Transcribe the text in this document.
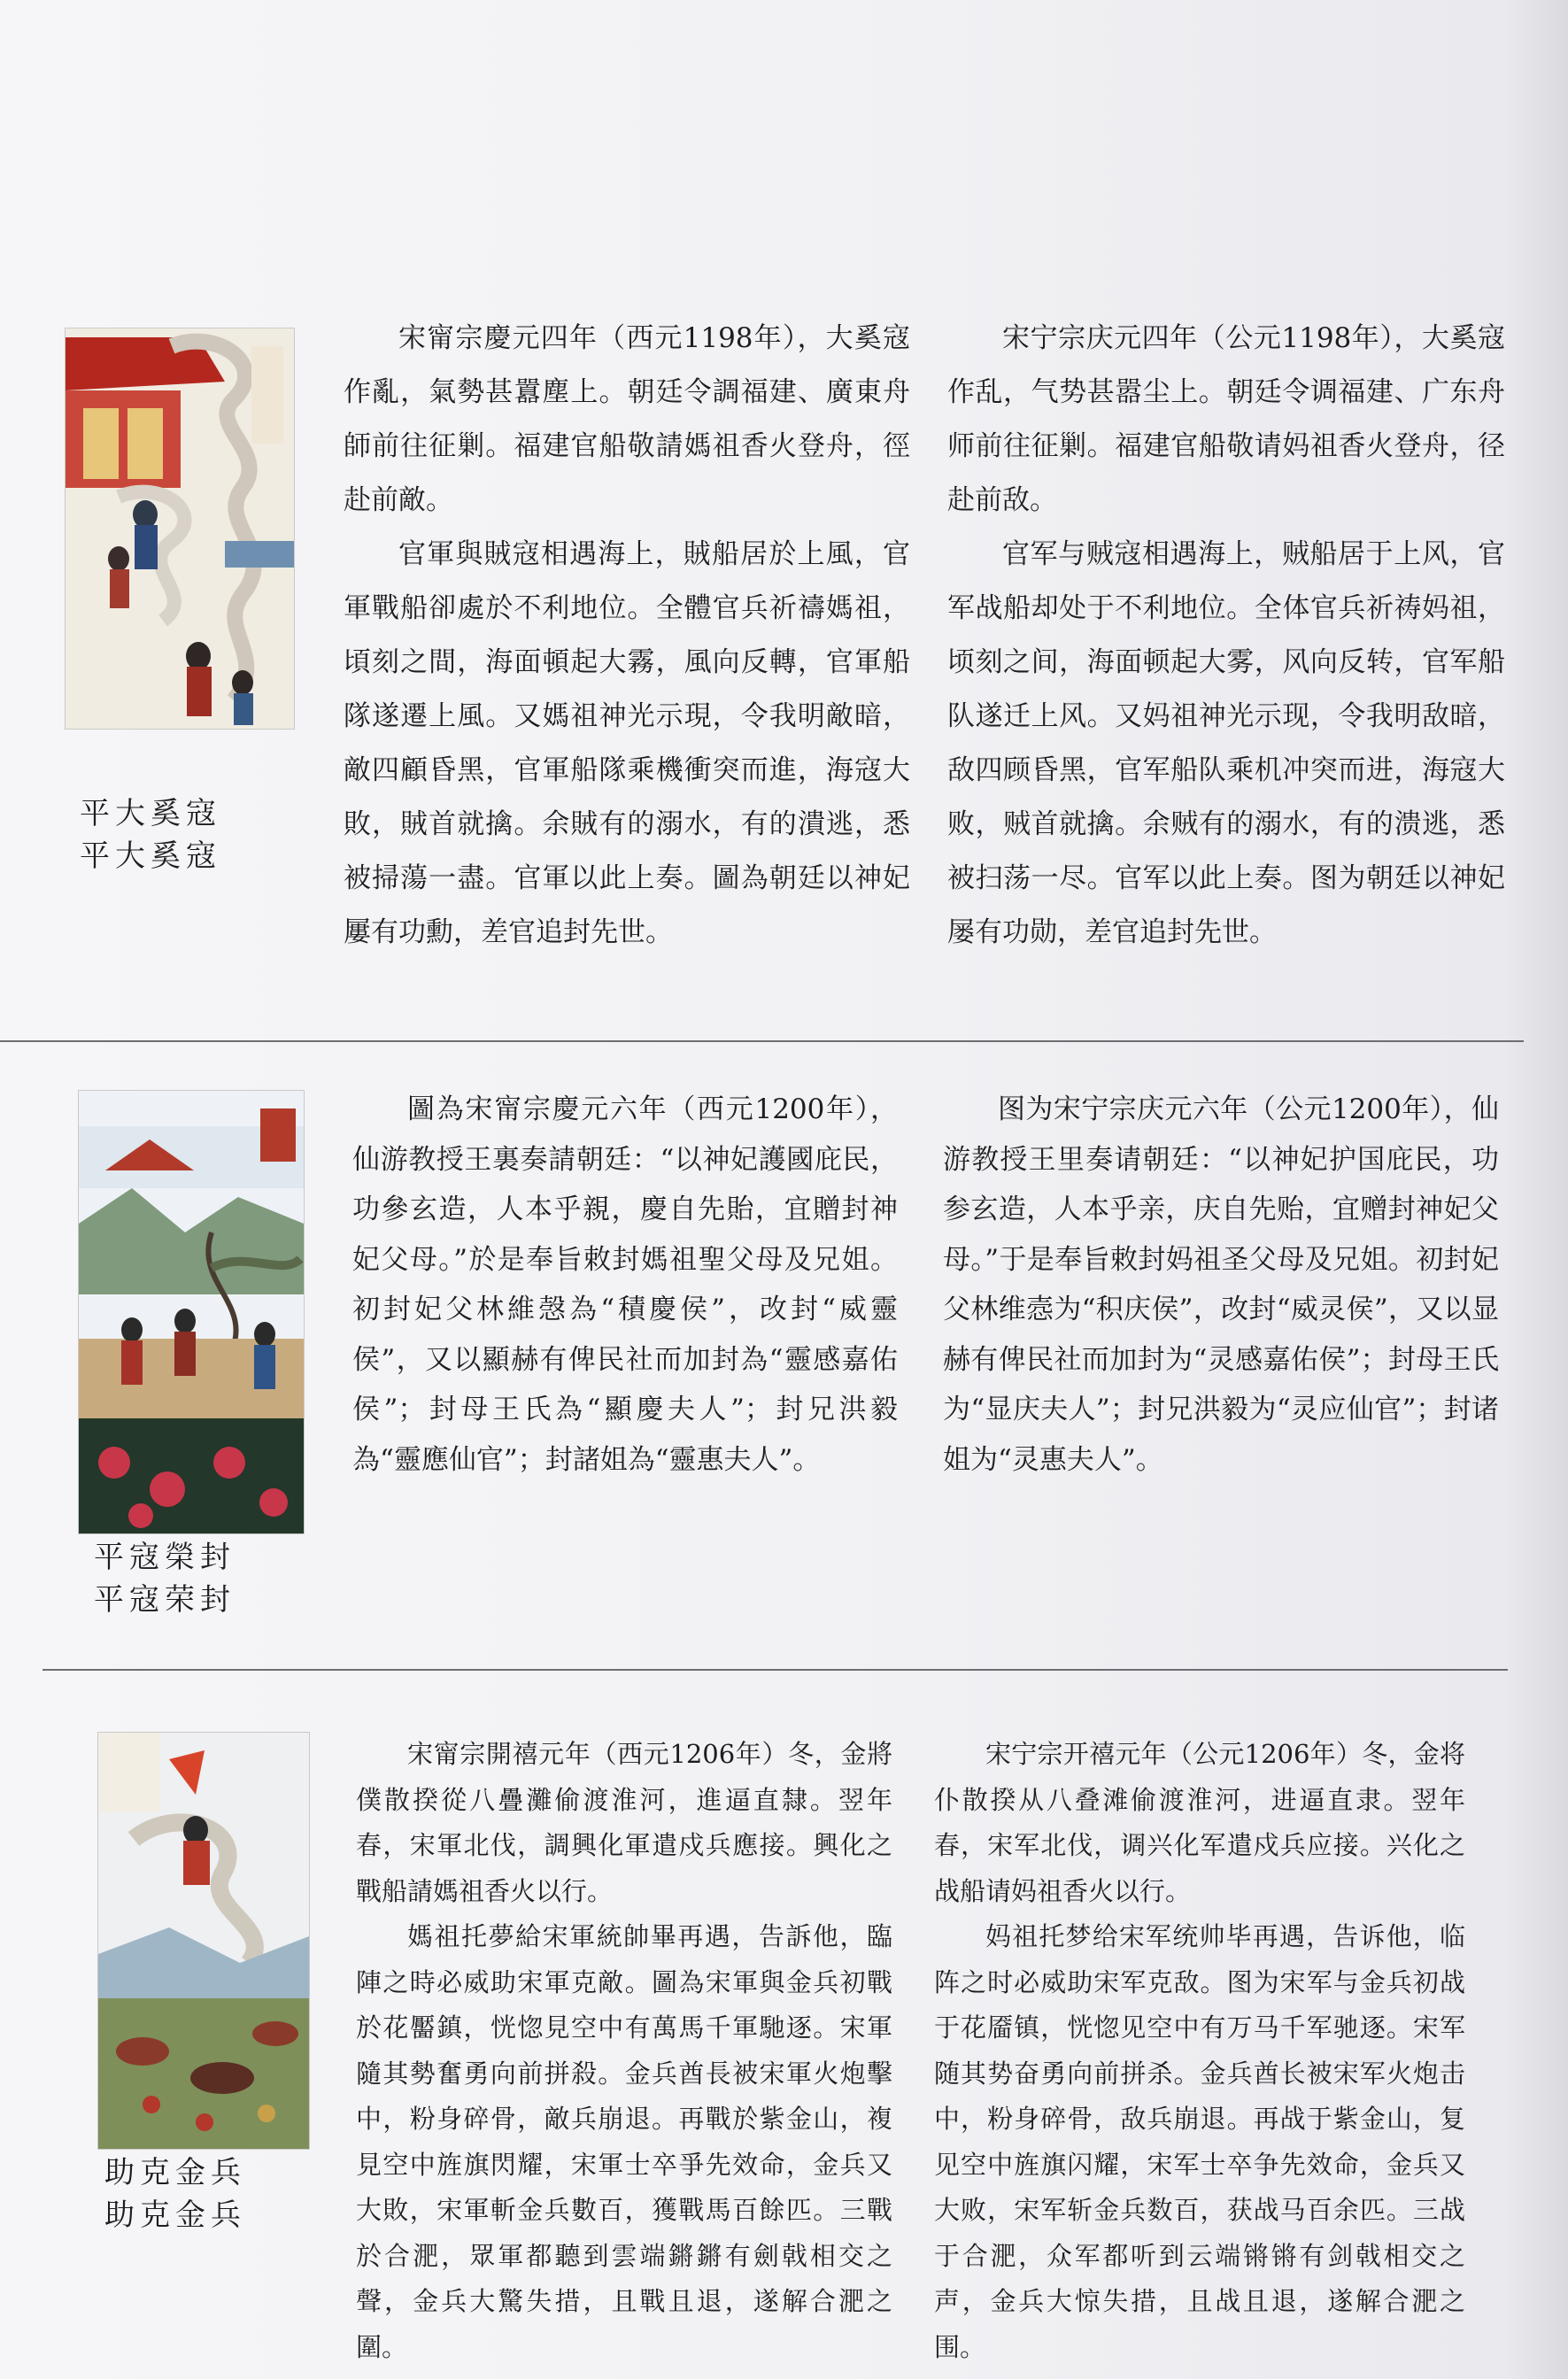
平大奚寇
平大奚寇

宋甯宗慶元四年（西元1198年），大奚寇作亂，氣勢甚囂塵上。朝廷令調福建、廣東舟師前往征剿。福建官船敬請媽祖香火登舟，徑赴前敵。

官軍與賊寇相遇海上，賊船居於上風，官軍戰船卻處於不利地位。全體官兵祈禱媽祖，頃刻之間，海面頓起大霧，風向反轉，官軍船隊遂遷上風。又媽祖神光示現，令我明敵暗，敵四顧昏黑，官軍船隊乘機衝突而進，海寇大敗，賊首就擒。余賊有的溺水，有的潰逃，悉被掃蕩一盡。官軍以此上奏。圖為朝廷以神妃屢有功勳，差官追封先世。

宋宁宗庆元四年（公元1198年），大奚寇作乱，气势甚嚣尘上。朝廷令调福建、广东舟师前往征剿。福建官船敬请妈祖香火登舟，径赴前敌。

官军与贼寇相遇海上，贼船居于上风，官军战船却处于不利地位。全体官兵祈祷妈祖，顷刻之间，海面顿起大雾，风向反转，官军船队遂迁上风。又妈祖神光示现，令我明敌暗，敌四顾昏黑，官军船队乘机冲突而进，海寇大败，贼首就擒。余贼有的溺水，有的溃逃，悉被扫荡一尽。官军以此上奏。图为朝廷以神妃屡有功勋，差官追封先世。

平寇榮封
平寇荣封

圖為宋甯宗慶元六年（西元1200年），仙游教授王裏奏請朝廷：“以神妃護國庇民，功參玄造，人本乎親，慶自先貽，宜贈封神妃父母。”於是奉旨敕封媽祖聖父母及兄姐。初封妃父林維愨為“積慶侯”，改封“威靈侯”，又以顯赫有俾民社而加封為“靈感嘉佑侯”；封母王氏為“顯慶夫人”；封兄洪毅為“靈應仙官”；封諸姐為“靈惠夫人”。

图为宋宁宗庆元六年（公元1200年），仙游教授王里奏请朝廷：“以神妃护国庇民，功参玄造，人本乎亲，庆自先贻，宜赠封神妃父母。”于是奉旨敕封妈祖圣父母及兄姐。初封妃父林维悫为“积庆侯”，改封“威灵侯”，又以显赫有俾民社而加封为“灵感嘉佑侯”；封母王氏为“显庆夫人”；封兄洪毅为“灵应仙官”；封诸姐为“灵惠夫人”。

助克金兵
助克金兵

宋甯宗開禧元年（西元1206年）冬，金將僕散揆從八疊灘偷渡淮河，進逼直隸。翌年春，宋軍北伐，調興化軍遣戍兵應接。興化之戰船請媽祖香火以行。

媽祖托夢給宋軍統帥畢再遇，告訴他，臨陣之時必威助宋軍克敵。圖為宋軍與金兵初戰於花靨鎮，恍惚見空中有萬馬千軍馳逐。宋軍隨其勢奮勇向前拼殺。金兵酋長被宋軍火炮擊中，粉身碎骨，敵兵崩退。再戰於紫金山，複見空中旌旗閃耀，宋軍士卒爭先效命，金兵又大敗，宋軍斬金兵數百，獲戰馬百餘匹。三戰於合淝，眾軍都聽到雲端鏘鏘有劍戟相交之聲，金兵大驚失措，且戰且退，遂解合淝之圍。

宋宁宗开禧元年（公元1206年）冬，金将仆散揆从八叠滩偷渡淮河，进逼直隶。翌年春，宋军北伐，调兴化军遣戍兵应接。兴化之战船请妈祖香火以行。

妈祖托梦给宋军统帅毕再遇，告诉他，临阵之时必威助宋军克敌。图为宋军与金兵初战于花靥镇，恍惚见空中有万马千军驰逐。宋军随其势奋勇向前拼杀。金兵酋长被宋军火炮击中，粉身碎骨，敌兵崩退。再战于紫金山，复见空中旌旗闪耀，宋军士卒争先效命，金兵又大败，宋军斩金兵数百，获战马百余匹。三战于合淝，众军都听到云端锵锵有剑戟相交之声，金兵大惊失措，且战且退，遂解合淝之围。
